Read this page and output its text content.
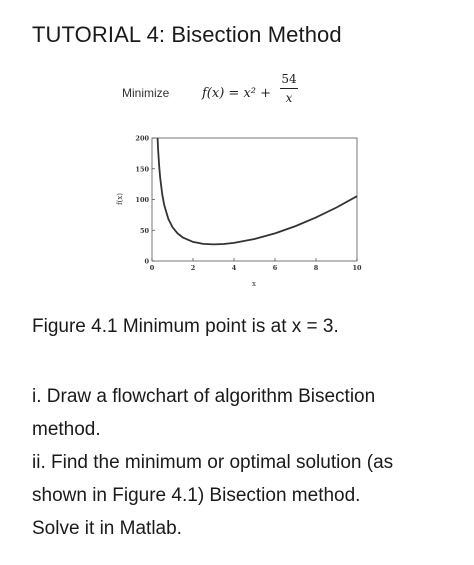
TUTORIAL 4: Bisection Method
Minimize	f(x) = x² +
54
x
0	2	4	6	8	10
0
50
100
150
200
x
f(x)
Figure 4.1 Minimum point is at x = 3.
i. Draw a flowchart of algorithm Bisection
method.
ii. Find the minimum or optimal solution (as
shown in Figure 4.1) Bisection method.
Solve it in Matlab.
